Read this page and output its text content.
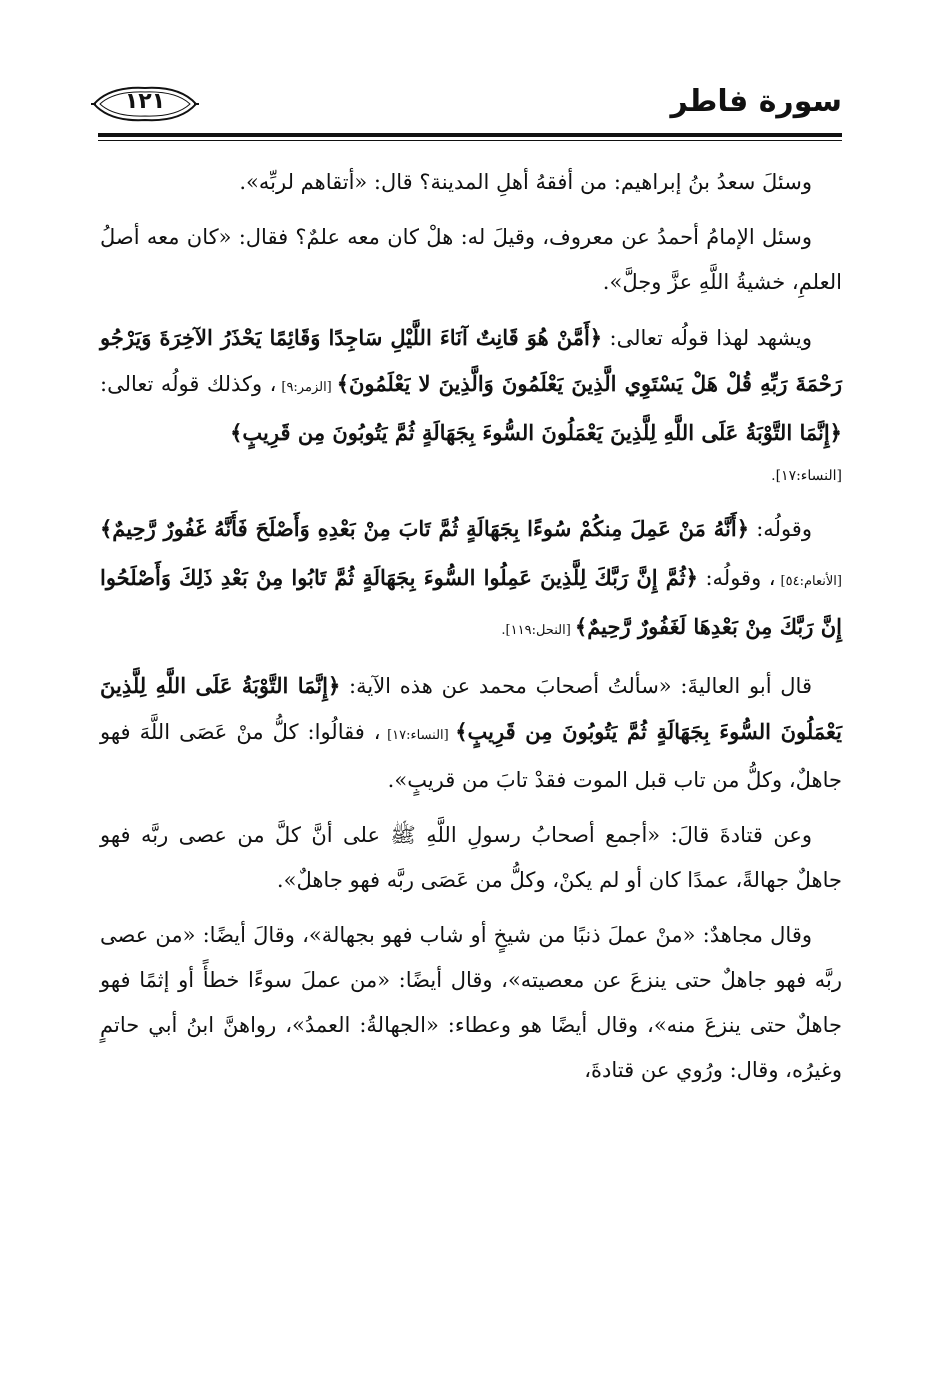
سورة فاطر
١٢١

وسئلَ سعدُ بنُ إبراهيم: من أفقهُ أهلِ المدينة؟ قال: «أتقاهم لربِّه».

وسئل الإمامُ أحمدُ عن معروف، وقيلَ له: هلْ كان معه علمٌ؟ فقال: «كان معه أصلُ العلمِ، خشيةُ اللَّهِ عزَّ وجلَّ».

ويشهد لهذا قولُه تعالى: ﴿أَمَّنْ هُوَ قَانِتٌ آنَاءَ اللَّيْلِ سَاجِدًا وَقَائِمًا يَحْذَرُ الآخِرَةَ وَيَرْجُو رَحْمَةَ رَبِّهِ قُلْ هَلْ يَسْتَوِي الَّذِينَ يَعْلَمُونَ وَالَّذِينَ لا يَعْلَمُونَ﴾ [الزمر:٩] ، وكذلك قولُه تعالى: ﴿إِنَّمَا التَّوْبَةُ عَلَى اللَّهِ لِلَّذِينَ يَعْمَلُونَ السُّوءَ بِجَهَالَةٍ ثُمَّ يَتُوبُونَ مِن قَرِيبٍ﴾
[النساء:١٧].

وقولُه: ﴿أَنَّهُ مَنْ عَمِلَ مِنكُمْ سُوءًا بِجَهَالَةٍ ثُمَّ تَابَ مِنْ بَعْدِهِ وَأَصْلَحَ فَأَنَّهُ غَفُورٌ رَّحِيمٌ﴾ [الأنعام:٥٤] ، وقولُه: ﴿ثُمَّ إِنَّ رَبَّكَ لِلَّذِينَ عَمِلُوا السُّوءَ بِجَهَالَةٍ ثُمَّ تَابُوا مِنْ بَعْدِ ذَلِكَ وَأَصْلَحُوا إِنَّ رَبَّكَ مِنْ بَعْدِهَا لَغَفُورٌ رَّحِيمٌ﴾ [النحل:١١٩].

قال أبو العاليةَ: «سألتُ أصحابَ محمد عن هذه الآية: ﴿إِنَّمَا التَّوْبَةُ عَلَى اللَّهِ لِلَّذِينَ يَعْمَلُونَ السُّوءَ بِجَهَالَةٍ ثُمَّ يَتُوبُونَ مِن قَرِيبٍ﴾ [النساء:١٧] ، فقالُوا: كلُّ منْ عَصَى اللَّهَ فهو جاهلٌ، وكلُّ من تاب قبل الموت فقدْ تابَ من قريبٍ».

وعن قتادةَ قالَ: «أجمع أصحابُ رسولِ اللَّهِ ﷺ على أنَّ كلَّ من عصى ربَّه فهو جاهلٌ جهالةً، عمدًا كان أو لم يكنْ، وكلُّ من عَصَى ربَّه فهو جاهلٌ».

وقال مجاهدٌ: «منْ عملَ ذنبًا من شيخٍ أو شاب فهو بجهالة»، وقالَ أيضًا: «من عصى ربَّه فهو جاهلٌ حتى ينزعَ عن معصيته»، وقال أيضًا: «من عملَ سوءًا خطأً أو إثمًا فهو جاهلٌ حتى ينزعَ منه»، وقال أيضًا هو وعطاء: «الجهالةُ: العمدُ»، رواهنَّ ابنُ أبي حاتمٍ وغيرُه، وقال: ورُوي عن قتادةَ،
